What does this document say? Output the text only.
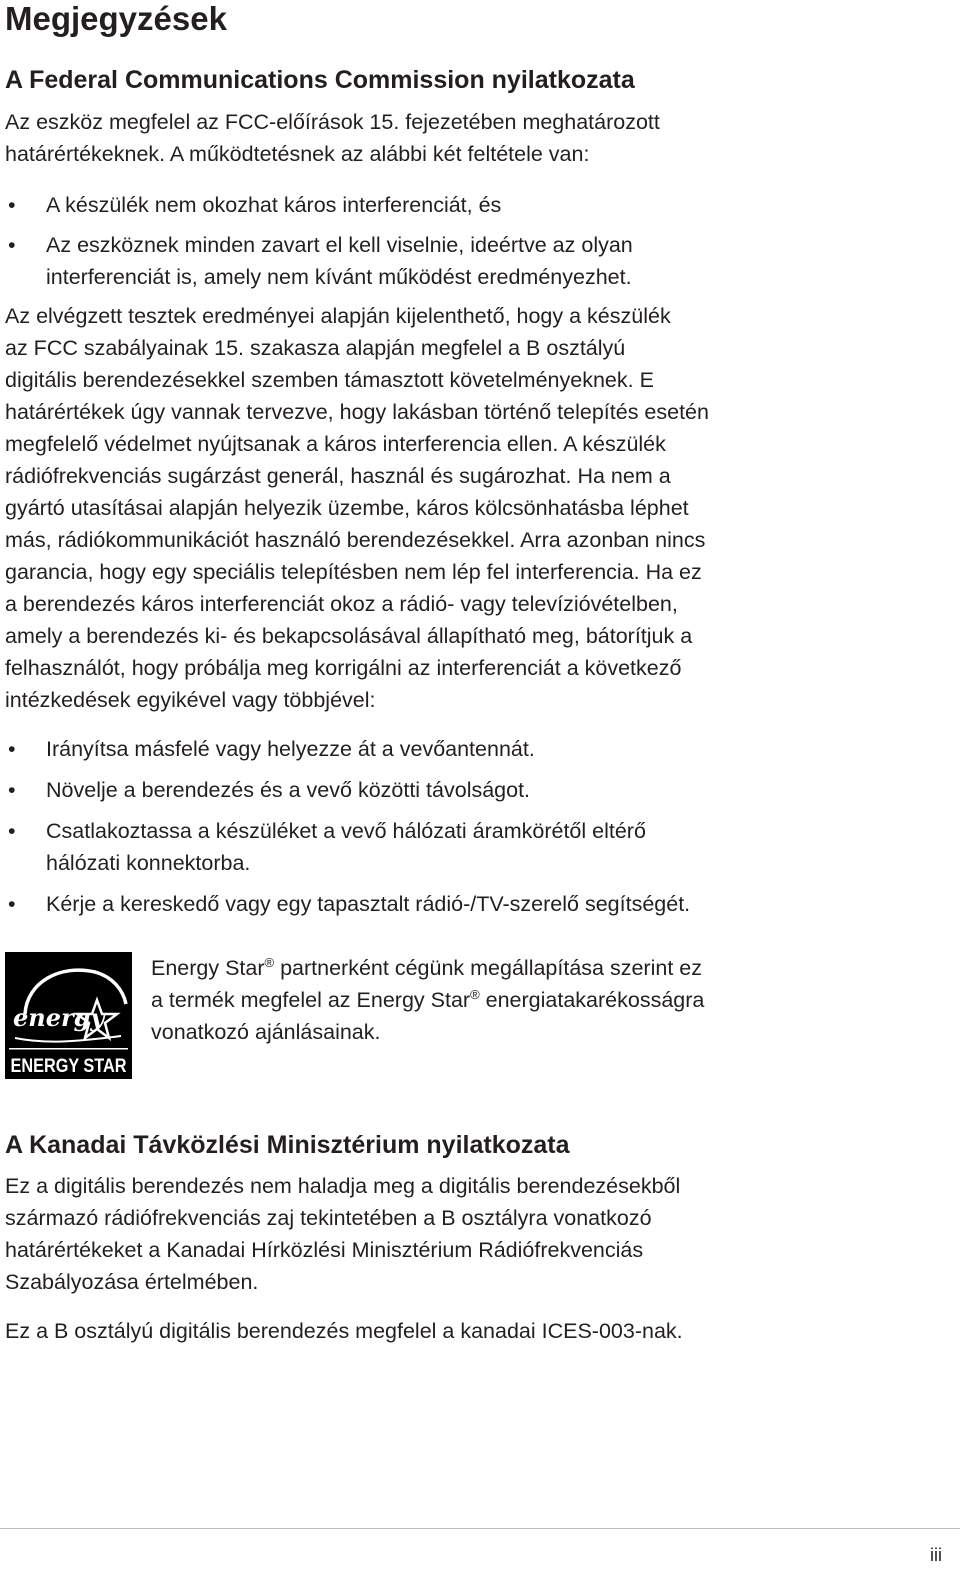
Megjegyzések
A Federal Communications Commission nyilatkozata

Az eszköz megfelel az FCC-előírások 15. fejezetében meghatározott
határértékeknek. A működtetésnek az alábbi két feltétele van:

• A készülék nem okozhat káros interferenciát, és
• Az eszköznek minden zavart el kell viselnie, ideértve az olyan
interferenciát is, amely nem kívánt működést eredményezhet.

Az elvégzett tesztek eredményei alapján kijelenthető, hogy a készülék
az FCC szabályainak 15. szakasza alapján megfelel a B osztályú
digitális berendezésekkel szemben támasztott követelményeknek. E
határértékek úgy vannak tervezve, hogy lakásban történő telepítés esetén
megfelelő védelmet nyújtsanak a káros interferencia ellen. A készülék
rádiófrekvenciás sugárzást generál, használ és sugározhat. Ha nem a
gyártó utasításai alapján helyezik üzembe, káros kölcsönhatásba léphet
más, rádiókommunikációt használó berendezésekkel. Arra azonban nincs
garancia, hogy egy speciális telepítésben nem lép fel interferencia. Ha ez
a berendezés káros interferenciát okoz a rádió- vagy televízióvételben,
amely a berendezés ki- és bekapcsolásával állapítható meg, bátorítjuk a
felhasználót, hogy próbálja meg korrigálni az interferenciát a következő
intézkedések egyikével vagy többjével:

• Irányítsa másfelé vagy helyezze át a vevőantennát.
• Növelje a berendezés és a vevő közötti távolságot.
• Csatlakoztassa a készüléket a vevő hálózati áramkörétől eltérő
hálózati konnektorba.
• Kérje a kereskedő vagy egy tapasztalt rádió-/TV-szerelő segítségét.
energy
ENERGY STAR
Energy Star® partnerként cégünk megállapítása szerint ez
a termék megfelel az Energy Star® energiatakarékosságra
vonatkozó ajánlásainak.
A Kanadai Távközlési Minisztérium nyilatkozata

Ez a digitális berendezés nem haladja meg a digitális berendezésekből
származó rádiófrekvenciás zaj tekintetében a B osztályra vonatkozó
határértékeket a Kanadai Hírközlési Minisztérium Rádiófrekvenciás
Szabályozása értelmében.

Ez a B osztályú digitális berendezés megfelel a kanadai ICES-003-nak.

iii
